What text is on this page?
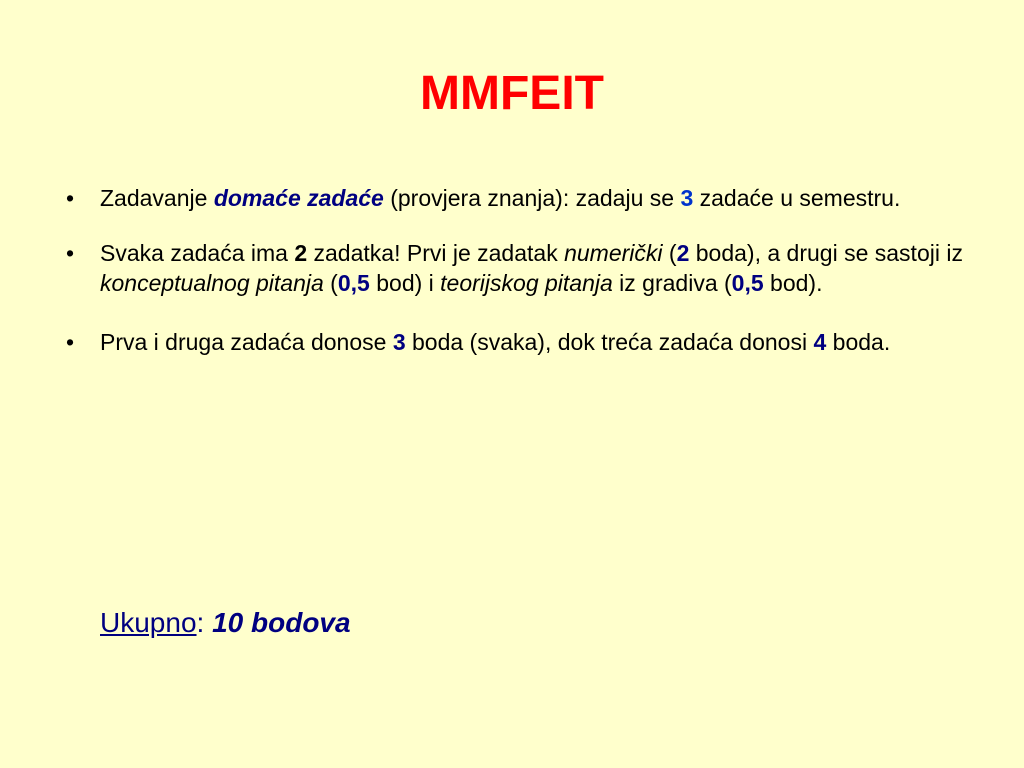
MMFEIT
• Zadavanje domaće zadaće (provjera znanja): zadaju se 3 zadaće u semestru.
• Svaka zadaća ima 2 zadatka! Prvi je zadatak numerički (2 boda), a drugi se sastoji iz konceptualnog pitanja (0,5 bod) i teorijskog pitanja iz gradiva (0,5 bod).
• Prva i druga zadaća donose 3 boda (svaka), dok treća zadaća donosi 4 boda.
Ukupno: 10 bodova
